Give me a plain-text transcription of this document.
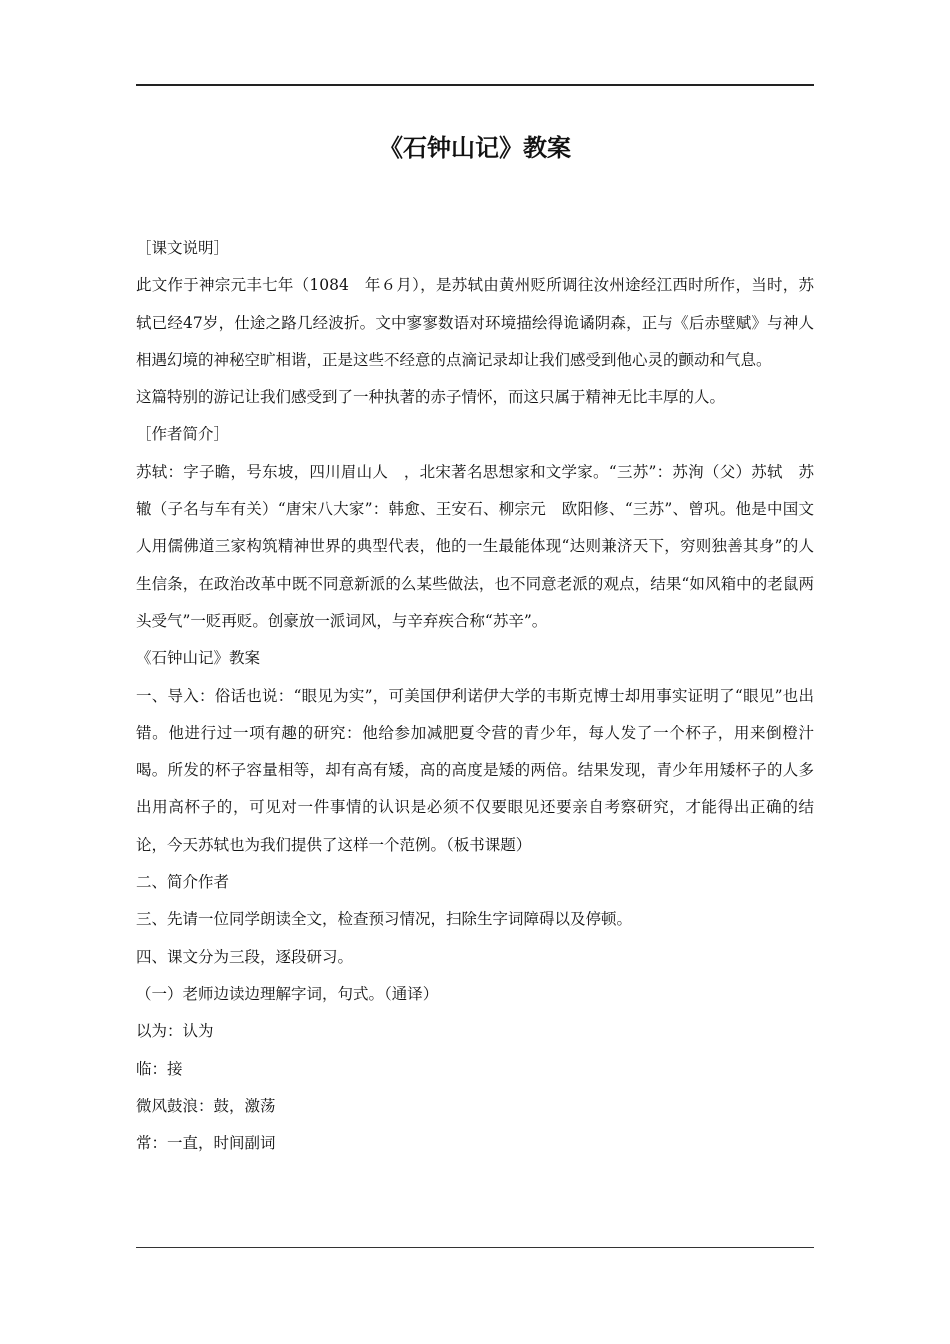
《石钟山记》教案

［课文说明］

此文作于神宗元丰七年（1084　年６月），是苏轼由黄州贬所调往汝州途经江西时所作，当时，苏轼已经47岁，仕途之路几经波折。文中寥寥数语对环境描绘得诡谲阴森，正与《后赤壁赋》与神人相遇幻境的神秘空旷相谐，正是这些不经意的点滴记录却让我们感受到他心灵的颤动和气息。

这篇特别的游记让我们感受到了一种执著的赤子情怀，而这只属于精神无比丰厚的人。

［作者简介］

苏轼：字子瞻，号东坡，四川眉山人　，北宋著名思想家和文学家。“三苏”：苏洵（父）苏轼　苏辙（子名与车有关）“唐宋八大家”：韩愈、王安石、柳宗元　欧阳修、“三苏”、曾巩。他是中国文人用儒佛道三家构筑精神世界的典型代表，他的一生最能体现“达则兼济天下，穷则独善其身”的人生信条，在政治改革中既不同意新派的么某些做法，也不同意老派的观点，结果“如风箱中的老鼠两头受气”一贬再贬。创豪放一派词风，与辛弃疾合称“苏辛”。

《石钟山记》教案

一、导入：俗话也说：“眼见为实”，可美国伊利诺伊大学的韦斯克博士却用事实证明了“眼见”也出错。他进行过一项有趣的研究：他给参加减肥夏令营的青少年，每人发了一个杯子，用来倒橙汁喝。所发的杯子容量相等，却有高有矮，高的高度是矮的两倍。结果发现，青少年用矮杯子的人多出用高杯子的，可见对一件事情的认识是必须不仅要眼见还要亲自考察研究，才能得出正确的结论，今天苏轼也为我们提供了这样一个范例。（板书课题）

二、简介作者

三、先请一位同学朗读全文，检查预习情况，扫除生字词障碍以及停顿。

四、课文分为三段，逐段研习。

（一）老师边读边理解字词，句式。（通译）

以为：认为

临：接

微风鼓浪：鼓，激荡

常：一直，时间副词
